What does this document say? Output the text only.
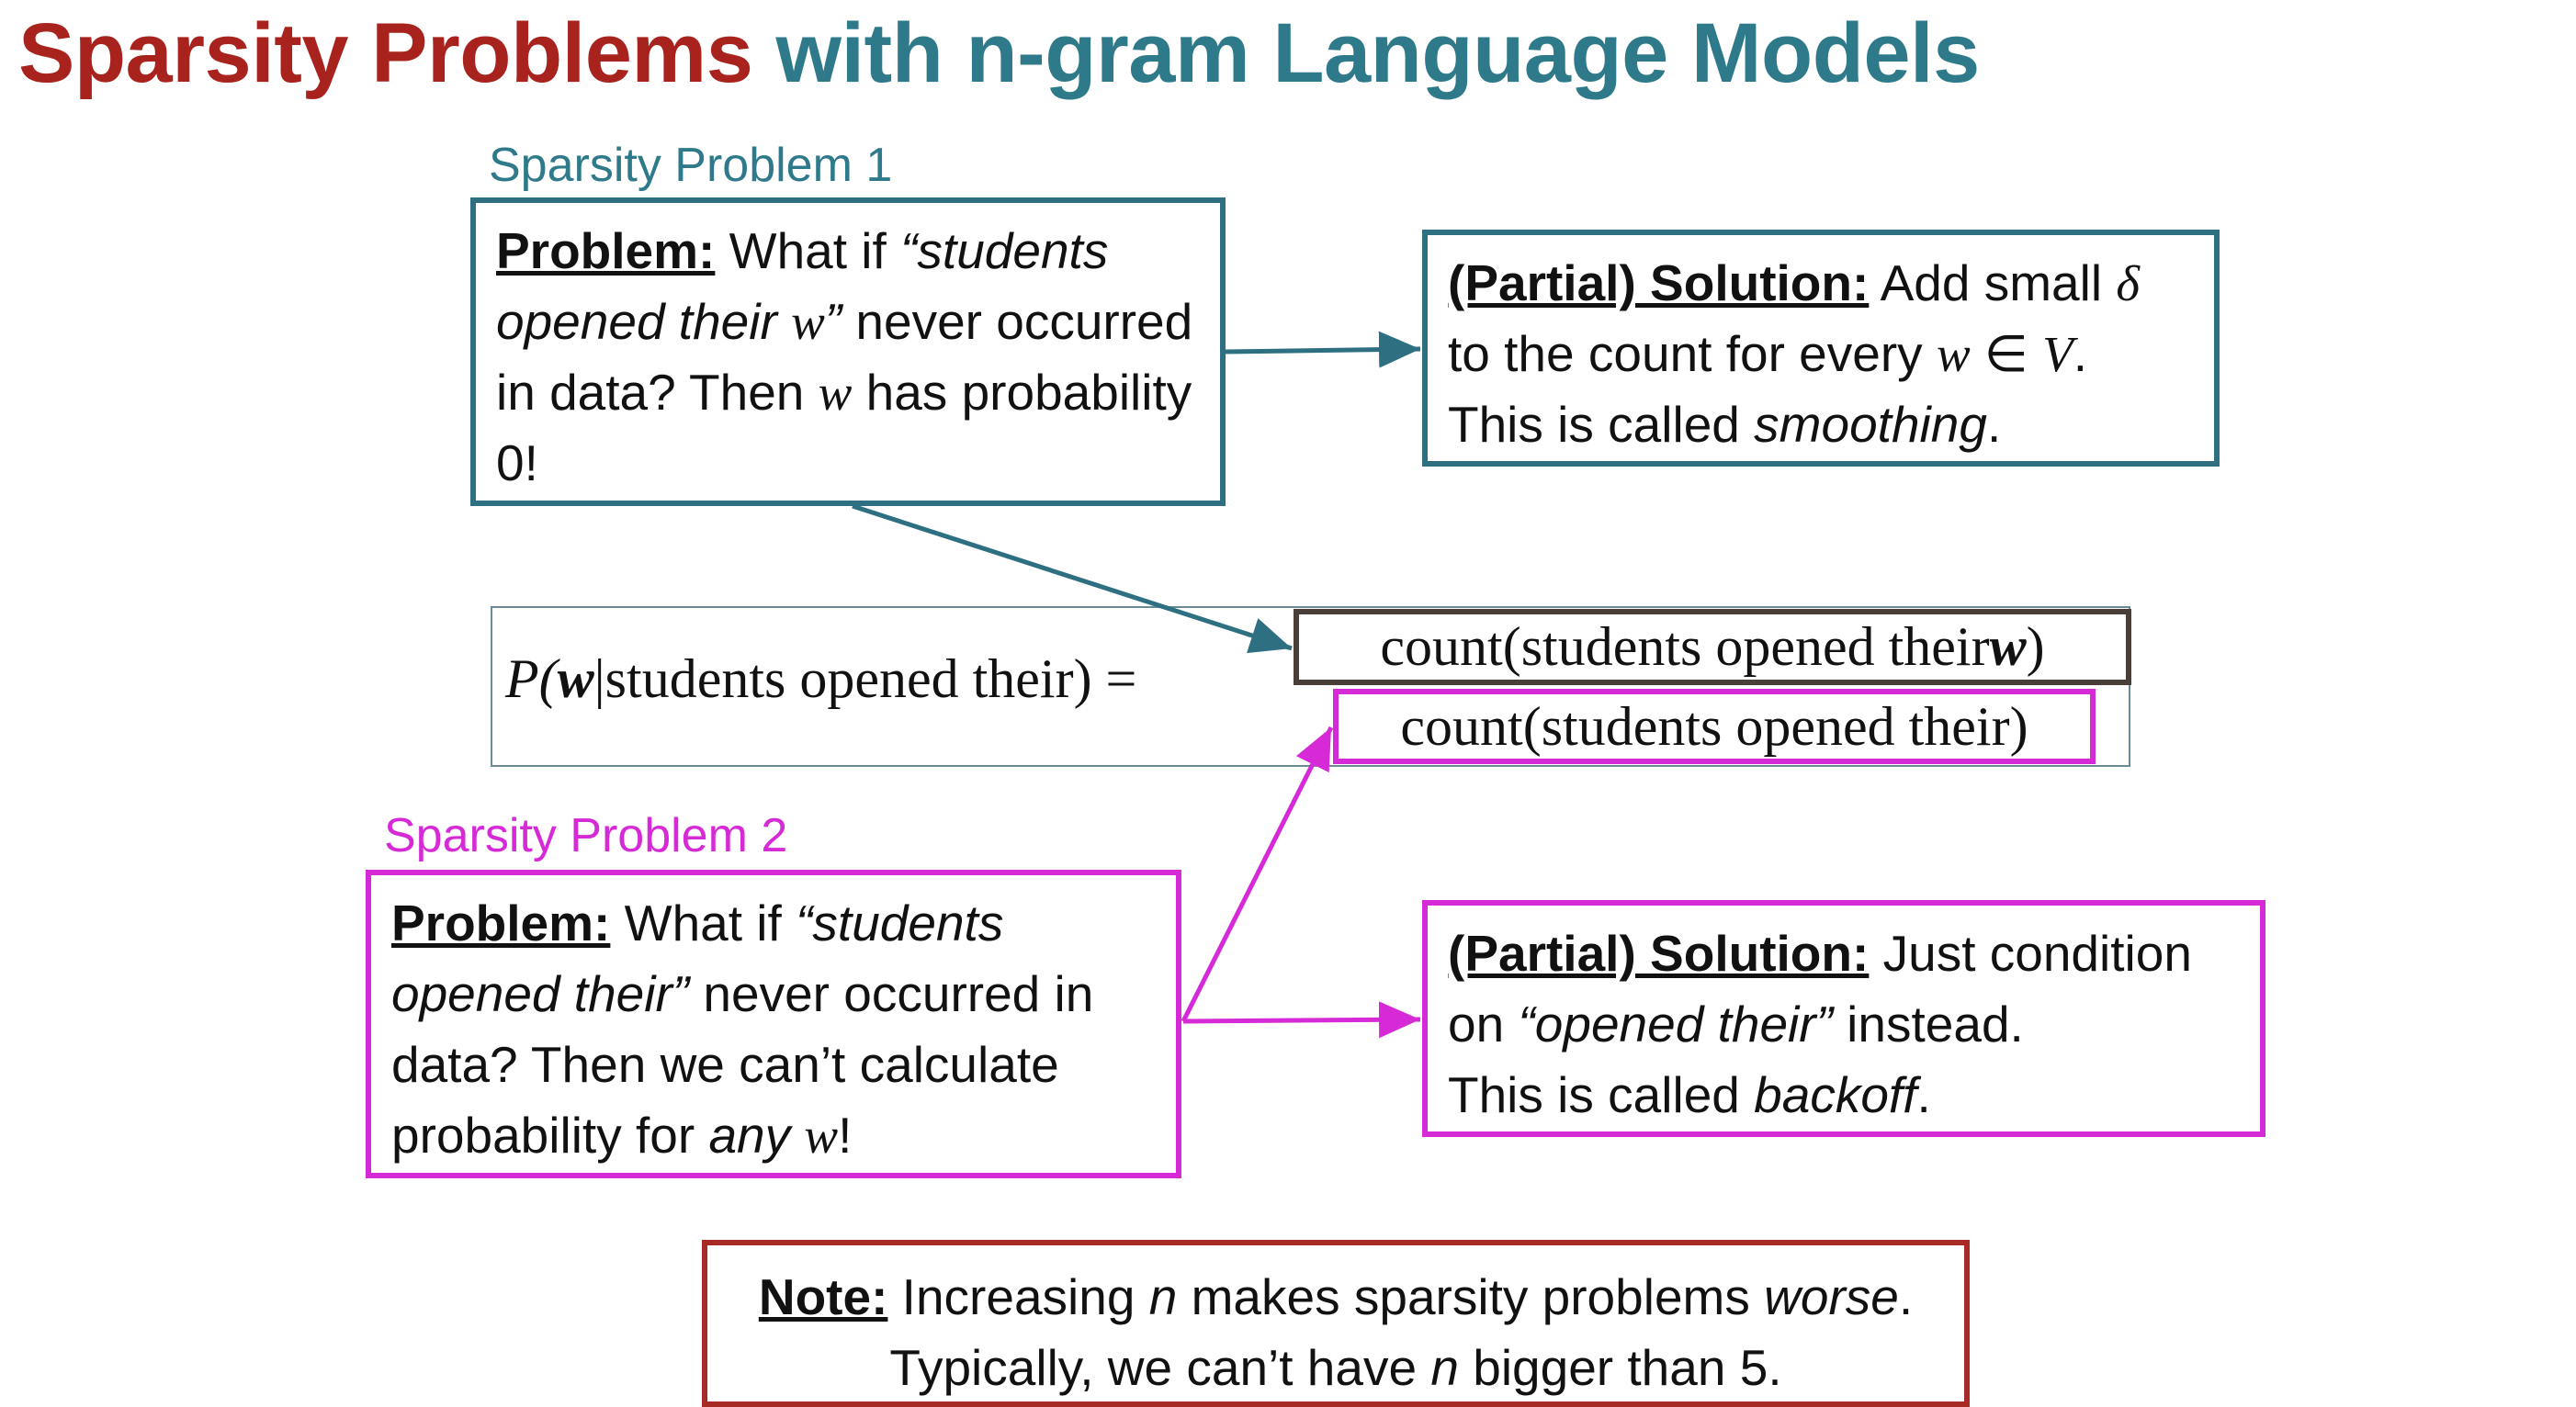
Sparsity Problems with n-gram Language Models
Sparsity Problem 1
Problem: What if “students opened their w” never occurred in data? Then w has probability 0!
(Partial) Solution: Add small δ to the count for every w ∈ V.
This is called smoothing.
P(w|students opened their) =
count(students opened their w )
count(students opened their)
Sparsity Problem 2
Problem: What if “students opened their” never occurred in data? Then we can’t calculate probability for any w!
(Partial) Solution: Just condition on “opened their” instead.
This is called backoff.
Note: Increasing n makes sparsity problems worse.
Typically, we can’t have n bigger than 5.
